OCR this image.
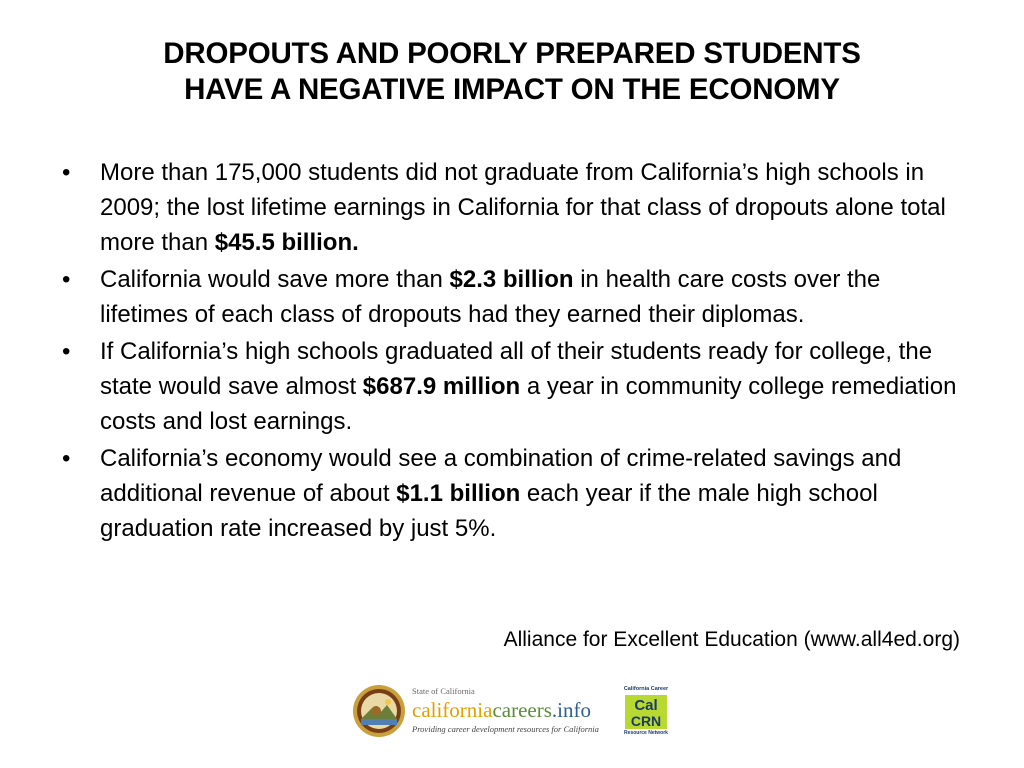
DROPOUTS AND POORLY PREPARED STUDENTS
HAVE A NEGATIVE IMPACT ON THE ECONOMY
•	More than 175,000 students did not graduate from California’s high schools in 2009; the lost lifetime earnings in California for that class of dropouts alone total more than $45.5 billion.
•	California would save more than $2.3 billion in health care costs over the lifetimes of each class of dropouts had they earned their diplomas.
•	If California’s high schools graduated all of their students ready for college, the state would save almost $687.9 million a year in community college remediation costs and lost earnings.
•	California’s economy would see a combination of crime-related savings and additional revenue of about $1.1 billion each year if the male high school graduation rate increased by just 5%.
Alliance for Excellent Education (www.all4ed.org)
State of California
californiacareers.info
Providing career development resources for California
California Career
Cal
CRN
Resource Network
